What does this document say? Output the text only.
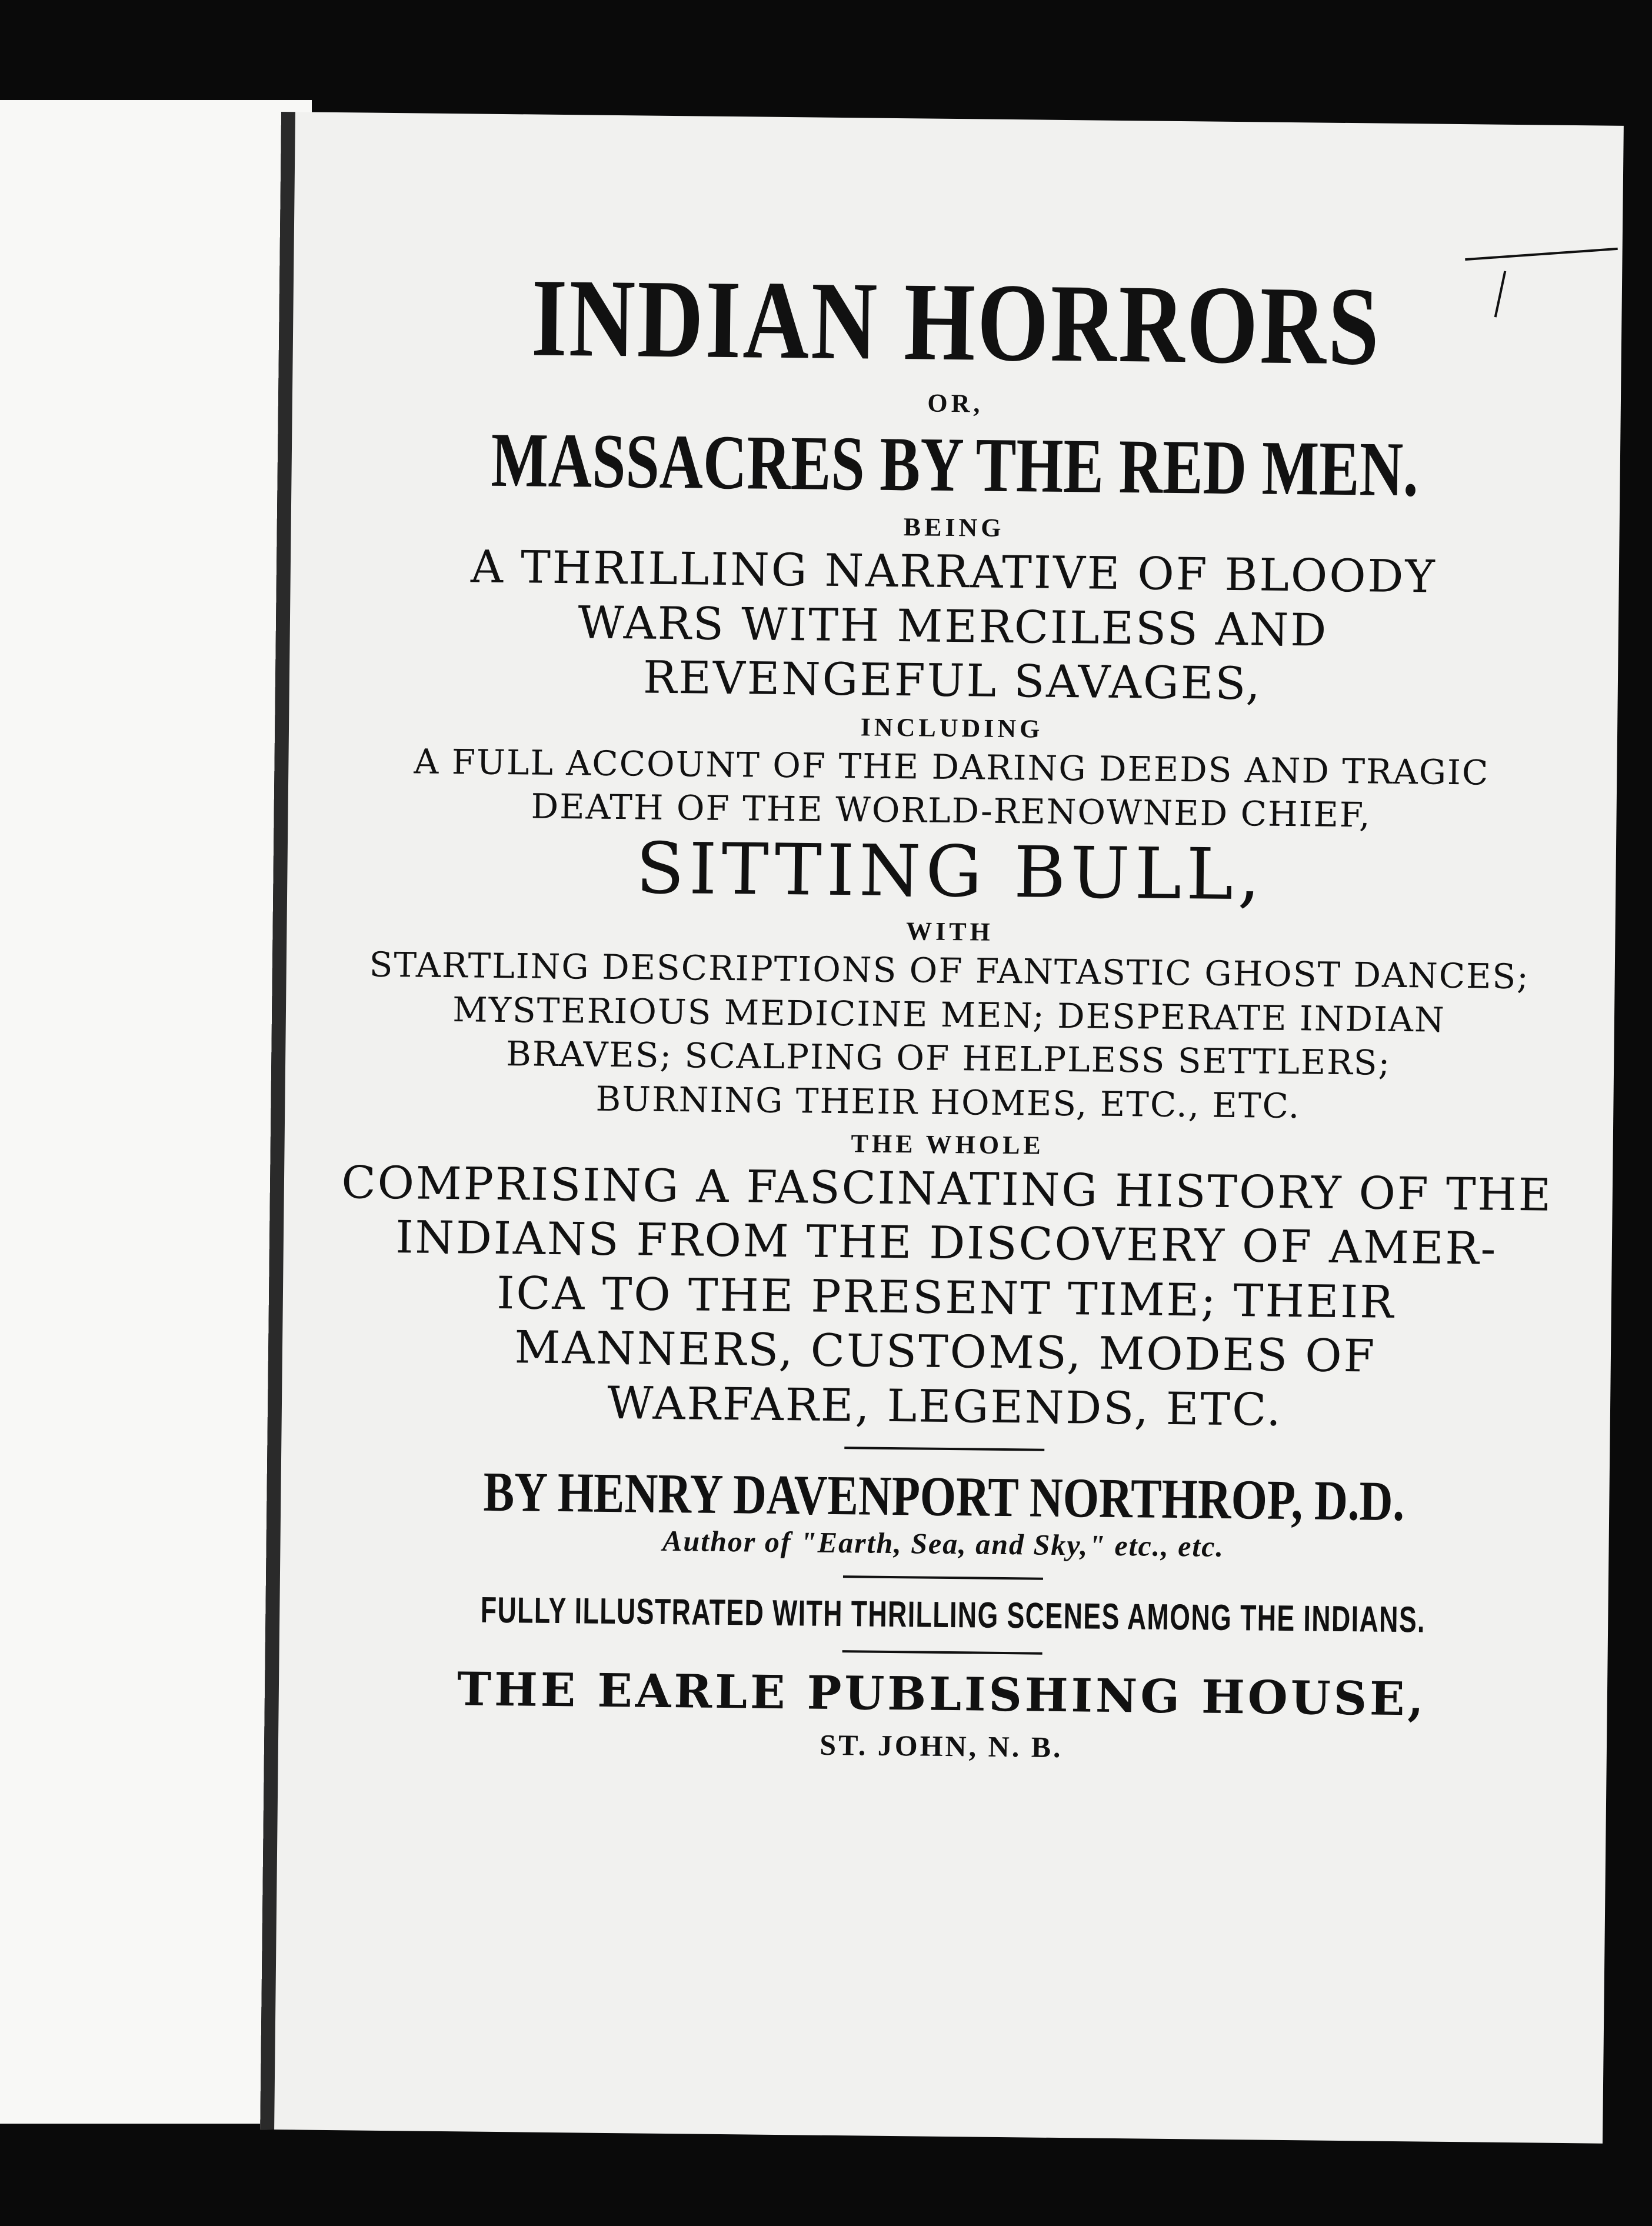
INDIAN HORRORS
OR,
MASSACRES BY THE RED MEN.
BEING
A THRILLING NARRATIVE OF BLOODY
WARS WITH MERCILESS AND
REVENGEFUL SAVAGES,
INCLUDING
A FULL ACCOUNT OF THE DARING DEEDS AND TRAGIC
DEATH OF THE WORLD-RENOWNED CHIEF,
SITTING BULL,
WITH
STARTLING DESCRIPTIONS OF FANTASTIC GHOST DANCES;
MYSTERIOUS MEDICINE MEN; DESPERATE INDIAN
BRAVES; SCALPING OF HELPLESS SETTLERS;
BURNING THEIR HOMES, ETC., ETC.
THE WHOLE
COMPRISING A FASCINATING HISTORY OF THE
INDIANS FROM THE DISCOVERY OF AMER-
ICA TO THE PRESENT TIME; THEIR
MANNERS, CUSTOMS, MODES OF
WARFARE, LEGENDS, ETC.
BY HENRY DAVENPORT NORTHROP, D.D.
Author of "Earth, Sea, and Sky," etc., etc.
FULLY ILLUSTRATED WITH THRILLING SCENES AMONG THE INDIANS.
THE EARLE PUBLISHING HOUSE,
ST. JOHN, N. B.
